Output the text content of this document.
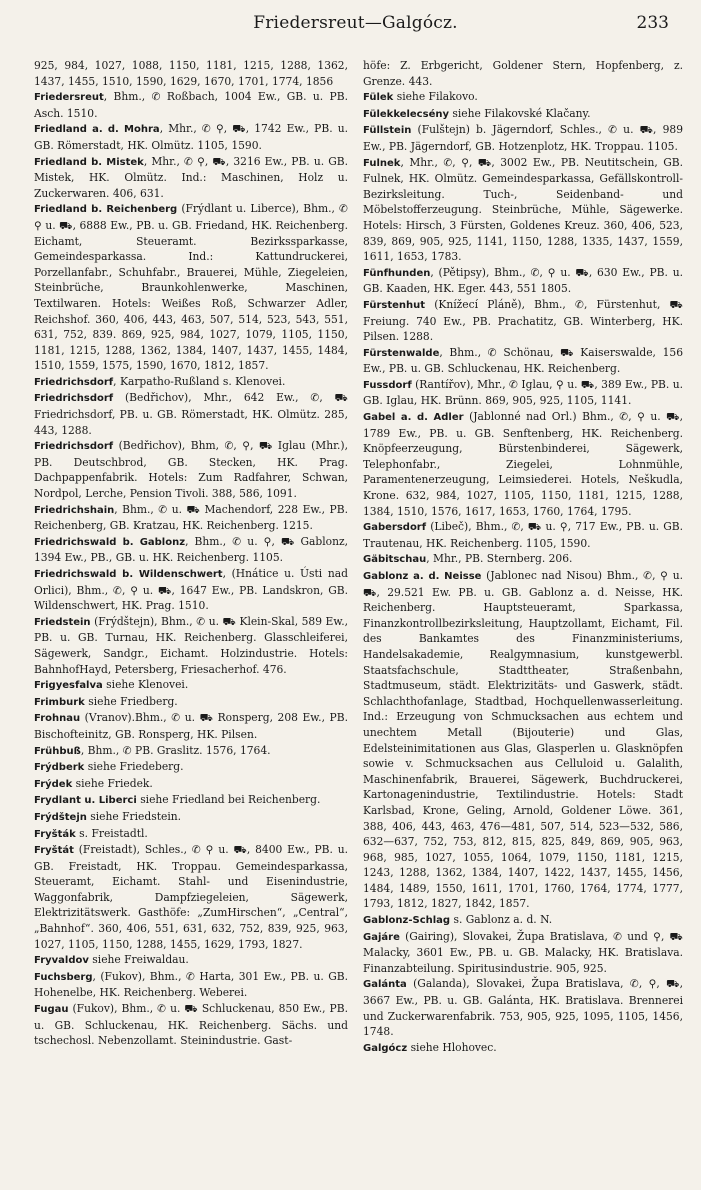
Friedersreut—Galgócz.	233

925, 984, 1027, 1088, 1150, 1181, 1215, 1288, 1362, 1437, 1455, 1510, 1590, 1629, 1670, 1701, 1774, 1856

Friedersreut, Bhm., ✆ Roßbach, 1004 Ew., GB. u. PB. Asch. 1510.

Friedland a. d. Mohra, Mhr., ✆ ⚲, ⛟, 1742 Ew., PB. u. GB. Römerstadt, HK. Olmütz. 1105, 1590.

Friedland b. Mistek, Mhr., ✆ ⚲, ⛟, 3216 Ew., PB. u. GB. Mistek, HK. Olmütz. Ind.: Maschinen, Holz u. Zuckerwaren. 406, 631.

Friedland b. Reichenberg (Frýdlant u. Liberce), Bhm., ✆ ⚲ u. ⛟, 6888 Ew., PB. u. GB. Friedand, HK. Reichenberg. Eichamt, Steueramt. Bezirkssparkasse, Gemeindesparkassa. Ind.: Kattundruckerei, Porzellanfabr., Schuhfabr., Brauerei, Mühle, Ziegeleien, Steinbrüche, Braunkohlenwerke, Maschinen, Textilwaren. Hotels: Weißes Roß, Schwarzer Adler, Reichshof. 360, 406, 443, 463, 507, 514, 523, 543, 551, 631, 752, 839. 869, 925, 984, 1027, 1079, 1105, 1150, 1181, 1215, 1288, 1362, 1384, 1407, 1437, 1455, 1484, 1510, 1559, 1575, 1590, 1670, 1812, 1857.

Friedrichsdorf, Karpatho-Rußland s. Klenovei.

Friedrichsdorf (Bedřichov), Mhr., 642 Ew., ✆, ⛟ Friedrichsdorf, PB. u. GB. Römerstadt, HK. Olmütz. 285, 443, 1288.

Friedrichsdorf (Bedřichov), Bhm, ✆, ⚲, ⛟ Iglau (Mhr.), PB. Deutschbrod, GB. Stecken, HK. Prag. Dachpappenfabrik. Hotels: Zum Radfahrer, Schwan, Nordpol, Lerche, Pension Tivoli. 388, 586, 1091.

Friedrichshain, Bhm., ✆ u. ⛟ Machendorf, 228 Ew., PB. Reichenberg, GB. Kratzau, HK. Reichenberg. 1215.

Friedrichswald b. Gablonz, Bhm., ✆ u. ⚲, ⛟ Gablonz, 1394 Ew., PB., GB. u. HK. Reichenberg. 1105.

Friedrichswald b. Wildenschwert, (Hnátice u. Ústi nad Orlici), Bhm., ✆, ⚲ u. ⛟, 1647 Ew., PB. Landskron, GB. Wildenschwert, HK. Prag. 1510.

Friedstein (Frýdštejn), Bhm., ✆ u. ⛟ Klein-Skal, 589 Ew., PB. u. GB. Turnau, HK. Reichenberg. Glasschleiferei, Sägewerk, Sandgr., Eichamt. Holzindustrie. Hotels: BahnhofHayd, Petersberg, Friesacherhof. 476.

Frigyesfalva siehe Klenovei.

Frimburk siehe Friedberg.

Frohnau (Vranov).Bhm., ✆ u. ⛟ Ronsperg, 208 Ew., PB. Bischofteinitz, GB. Ronsperg, HK. Pilsen.

Frühbuß, Bhm., ✆ PB. Graslitz. 1576, 1764.

Frýdberk siehe Friedeberg.

Frýdek siehe Friedek.

Frydlant u. Liberci siehe Friedland bei Reichenberg.

Frýdštejn siehe Friedstein.

Fryšták s. Freistadtl.

Fryštát (Freistadt), Schles., ✆ ⚲ u. ⛟, 8400 Ew., PB. u. GB. Freistadt, HK. Troppau. Gemeindesparkassa, Steueramt, Eichamt. Stahl- und Eisenindustrie, Waggonfabrik, Dampfziegeleien, Sägewerk, Elektrizitätswerk. Gasthöfe: „ZumHirschen“, „Central“, „Bahnhof“. 360, 406, 551, 631, 632, 752, 839, 925, 963, 1027, 1105, 1150, 1288, 1455, 1629, 1793, 1827.

Fryvaldov siehe Freiwaldau.

Fuchsberg, (Fukov), Bhm., ✆ Harta, 301 Ew., PB. u. GB. Hohenelbe, HK. Reichenberg. Weberei.

Fugau (Fukov), Bhm., ✆ u. ⛟ Schluckenau, 850 Ew., PB. u. GB. Schluckenau, HK. Reichenberg. Sächs. und tschechosl. Nebenzollamt. Steinindustrie. Gast-

höfe: Z. Erbgericht, Goldener Stern, Hopfenberg, z. Grenze. 443.

Fülek siehe Filakovo.

Fülekkelecsény siehe Filakovské Klačany.

Füllstein (Fulštejn) b. Jägerndorf, Schles., ✆ u. ⛟, 989 Ew., PB. Jägerndorf, GB. Hotzenplotz, HK. Troppau. 1105.

Fulnek, Mhr., ✆, ⚲, ⛟, 3002 Ew., PB. Neutitschein, GB. Fulnek, HK. Olmütz. Gemeindesparkassa, Gefällskontroll-Bezirksleitung. Tuch-, Seidenband- und Möbelstofferzeugung. Steinbrüche, Mühle, Sägewerke. Hotels: Hirsch, 3 Fürsten, Goldenes Kreuz. 360, 406, 523, 839, 869, 905, 925, 1141, 1150, 1288, 1335, 1437, 1559, 1611, 1653, 1783.

Fünfhunden, (Pětipsy), Bhm., ✆, ⚲ u. ⛟, 630 Ew., PB. u. GB. Kaaden, HK. Eger. 443, 551 1805.

Fürstenhut (Knížecí Pláně), Bhm., ✆, Fürstenhut, ⛟ Freiung. 740 Ew., PB. Prachatitz, GB. Winterberg, HK. Pilsen. 1288.

Fürstenwalde, Bhm., ✆ Schönau, ⛟ Kaiserswalde, 156 Ew., PB. u. GB. Schluckenau, HK. Reichenberg.

Fussdorf (Rantířov), Mhr., ✆ Iglau, ⚲ u. ⛟, 389 Ew., PB. u. GB. Iglau, HK. Brünn. 869, 905, 925, 1105, 1141.

Gabel a. d. Adler (Jablonné nad Orl.) Bhm., ✆, ⚲ u. ⛟, 1789 Ew., PB. u. GB. Senftenberg, HK. Reichenberg. Knöpfeerzeugung, Bürstenbinderei, Sägewerk, Telephonfabr., Ziegelei, Lohnmühle, Paramentenerzeugung, Leimsiederei. Hotels, Neškudla, Krone. 632, 984, 1027, 1105, 1150, 1181, 1215, 1288, 1384, 1510, 1576, 1617, 1653, 1760, 1764, 1795.

Gabersdorf (Libeč), Bhm., ✆, ⛟ u. ⚲, 717 Ew., PB. u. GB. Trautenau, HK. Reichenberg. 1105, 1590.

Gäbitschau, Mhr., PB. Sternberg. 206.

Gablonz a. d. Neisse (Jablonec nad Nisou) Bhm., ✆, ⚲ u. ⛟, 29.521 Ew. PB. u. GB. Gablonz a. d. Neisse, HK. Reichenberg. Hauptsteueramt, Sparkassa, Finanzkontrollbezirksleitung, Hauptzollamt, Eichamt, Fil. des Bankamtes des Finanzministeriums, Handelsakademie, Realgymnasium, kunstgewerbl. Staatsfachschule, Stadttheater, Straßenbahn, Stadtmuseum, städt. Elektrizitäts- und Gaswerk, städt. Schlachthofanlage, Stadtbad, Hochquellenwasserleitung. Ind.: Erzeugung von Schmucksachen aus echtem und unechtem Metall (Bijouterie) und Glas, Edelsteinimitationen aus Glas, Glasperlen u. Glasknöpfen sowie v. Schmucksachen aus Celluloid u. Galalith, Maschinenfabrik, Brauerei, Sägewerk, Buchdruckerei, Kartonagenindustrie, Textilindustrie. Hotels: Stadt Karlsbad, Krone, Geling, Arnold, Goldener Löwe. 361, 388, 406, 443, 463, 476—481, 507, 514, 523—532, 586, 632—637, 752, 753, 812, 815, 825, 849, 869, 905, 963, 968, 985, 1027, 1055, 1064, 1079, 1150, 1181, 1215, 1243, 1288, 1362, 1384, 1407, 1422, 1437, 1455, 1456, 1484, 1489, 1550, 1611, 1701, 1760, 1764, 1774, 1777, 1793, 1812, 1827, 1842, 1857.

Gablonz-Schlag s. Gablonz a. d. N.

Gajáre (Gairing), Slovakei, Župa Bratislava, ✆ und ⚲, ⛟ Malacky, 3601 Ew., PB. u. GB. Malacky, HK. Bratislava. Finanzabteilung. Spiritusindustrie. 905, 925.

Galánta (Galanda), Slovakei, Župa Bratislava, ✆, ⚲, ⛟, 3667 Ew., PB. u. GB. Galánta, HK. Bratislava. Brennerei und Zuckerwarenfabrik. 753, 905, 925, 1095, 1105, 1456, 1748.

Galgócz siehe Hlohovec.
